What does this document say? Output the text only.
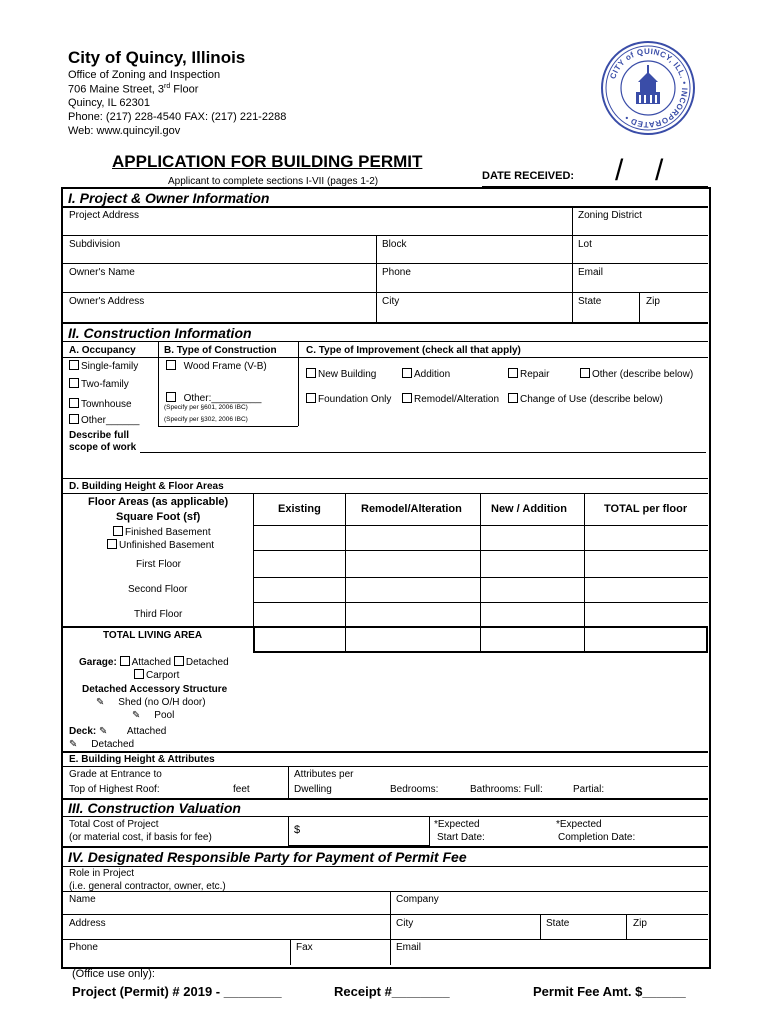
City of Quincy, Illinois
Office of Zoning and Inspection
706 Maine Street, 3rd Floor
Quincy, IL 62301
Phone: (217) 228-4540 FAX: (217) 221-2288
Web: www.quincyil.gov
CITY of QUINCY, ILL. • INCORPORATED •
APPLICATION FOR BUILDING PERMIT
Applicant to complete sections I-VII (pages 1-2)	DATE RECEIVED: / /
I. Project & Owner Information
Project Address	Zoning District
Subdivision	Block	Lot
Owner's Name	Phone	Email
Owner's Address	City	State	Zip
II. Construction Information
A. Occupancy	B. Type of Construction	C. Type of Improvement (check all that apply)
Single-family
Two-family
Townhouse
Other______
Wood Frame (V-B)
Other:_________
(Specify per §601, 2006 IBC)
(Specify per §302, 2006 IBC)
New Building	Addition	Repair	Other (describe below)
Foundation Only	Remodel/Alteration	Change of Use (describe below)
Describe full
scope of work
D. Building Height & Floor Areas
Floor Areas (as applicable)
Square Foot (sf)
Existing	Remodel/Alteration	New / Addition	TOTAL per floor
Finished Basement
Unfinished Basement
First Floor
Second Floor
Third Floor
TOTAL LIVING AREA
Garage: Attached Detached
Carport
Detached Accessory Structure
✎ Shed (no O/H door)
✎ Pool
Deck: ✎ Attached
✎ Detached
E. Building Height & Attributes
Grade at Entrance to
Top of Highest Roof:	feet
Attributes per
Dwelling	Bedrooms:	Bathrooms: Full:	Partial:
III. Construction Valuation
Total Cost of Project
(or material cost, if basis for fee)
$	*Expected
Start Date:
*Expected
Completion Date:
IV. Designated Responsible Party for Payment of Permit Fee
Role in Project
(i.e. general contractor, owner, etc.)
Name	Company
Address	City	State	Zip
Phone	Fax	Email
(Office use only):
Project (Permit) # 2019 - ________	Receipt #________	Permit Fee Amt. $______
